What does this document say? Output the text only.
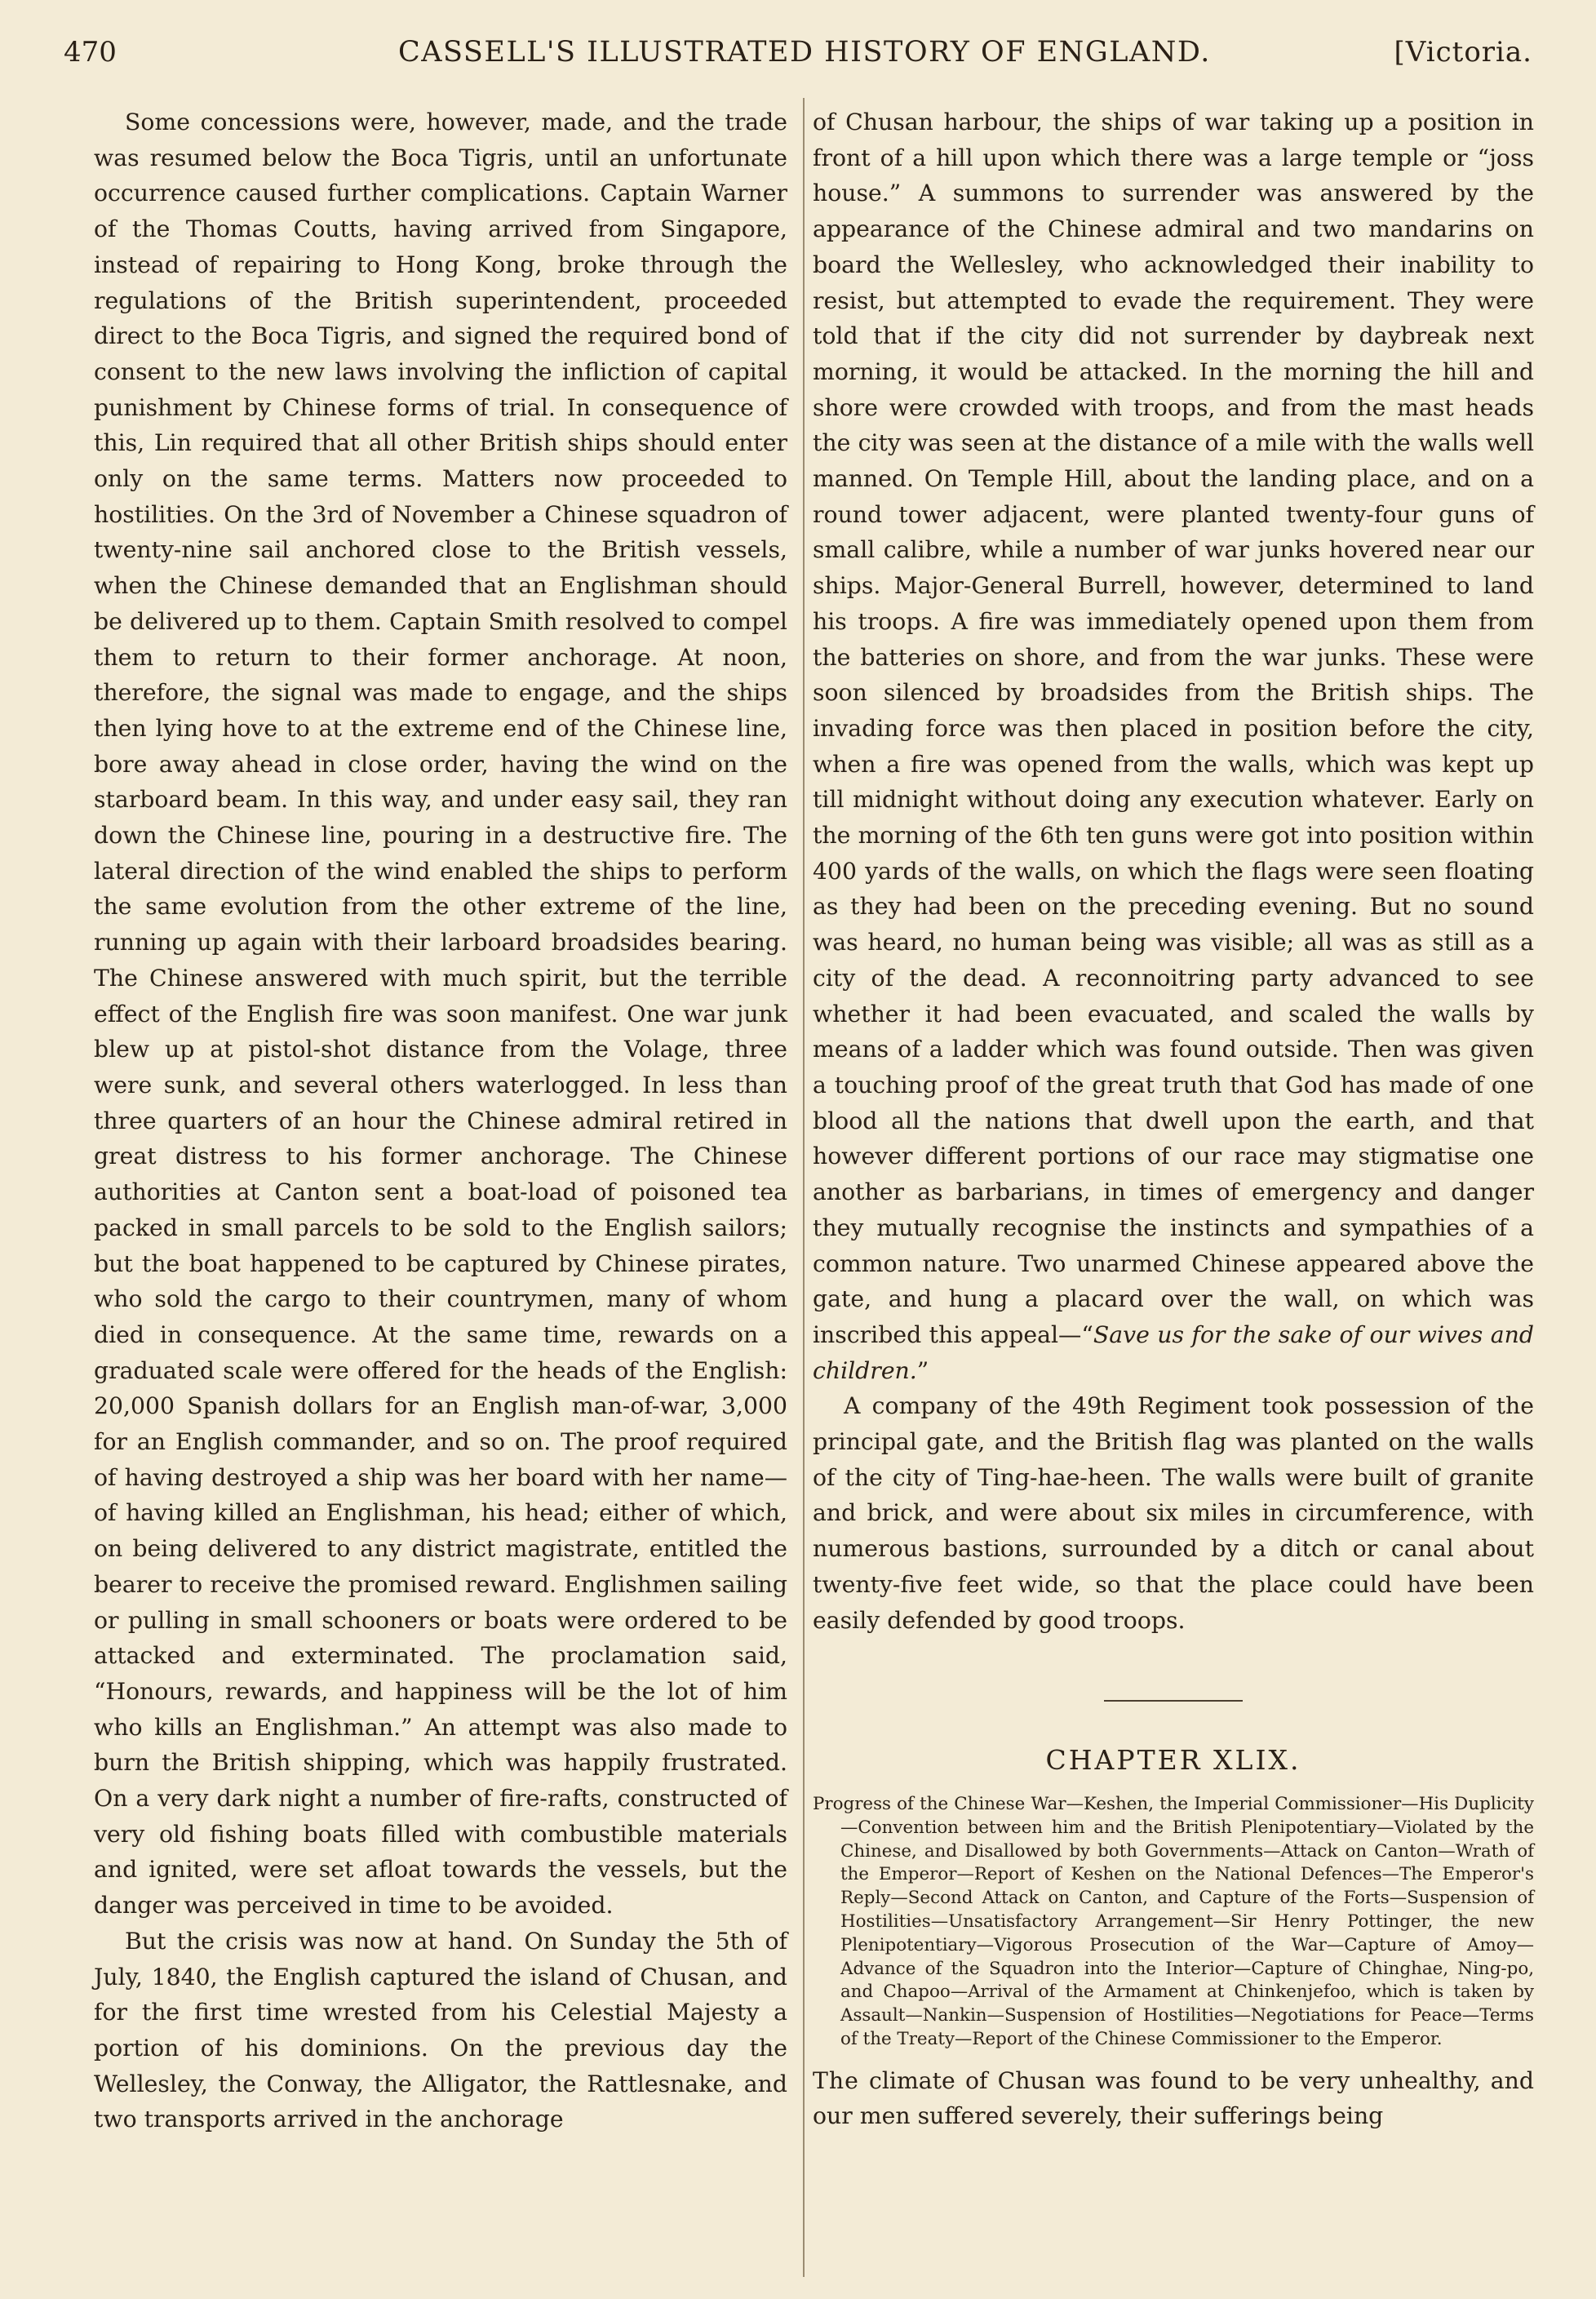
470	CASSELL'S ILLUSTRATED HISTORY OF ENGLAND.	[Victoria.

Some concessions were, however, made, and the trade was resumed below the Boca Tigris, until an unfortunate occurrence caused further complications. Captain Warner of the Thomas Coutts, having arrived from Singapore, instead of repairing to Hong Kong, broke through the regulations of the British superintendent, proceeded direct to the Boca Tigris, and signed the required bond of consent to the new laws involving the infliction of capital punishment by Chinese forms of trial. In consequence of this, Lin required that all other British ships should enter only on the same terms. Matters now proceeded to hostilities. On the 3rd of November a Chinese squadron of twenty-nine sail anchored close to the British vessels, when the Chinese demanded that an Englishman should be delivered up to them. Captain Smith resolved to compel them to return to their former anchorage. At noon, therefore, the signal was made to engage, and the ships then lying hove to at the extreme end of the Chinese line, bore away ahead in close order, having the wind on the starboard beam. In this way, and under easy sail, they ran down the Chinese line, pouring in a destructive fire. The lateral direction of the wind enabled the ships to perform the same evolution from the other extreme of the line, running up again with their larboard broadsides bearing. The Chinese answered with much spirit, but the terrible effect of the English fire was soon manifest. One war junk blew up at pistol-shot distance from the Volage, three were sunk, and several others waterlogged. In less than three quarters of an hour the Chinese admiral retired in great distress to his former anchorage. The Chinese authorities at Canton sent a boat-load of poisoned tea packed in small parcels to be sold to the English sailors; but the boat happened to be captured by Chinese pirates, who sold the cargo to their countrymen, many of whom died in consequence. At the same time, rewards on a graduated scale were offered for the heads of the English: 20,000 Spanish dollars for an English man-of-war, 3,000 for an English commander, and so on. The proof required of having destroyed a ship was her board with her name—of having killed an Englishman, his head; either of which, on being delivered to any district magistrate, entitled the bearer to receive the promised reward. Englishmen sailing or pulling in small schooners or boats were ordered to be attacked and exterminated. The proclamation said, “Honours, rewards, and happiness will be the lot of him who kills an Englishman.” An attempt was also made to burn the British shipping, which was happily frustrated. On a very dark night a number of fire-rafts, constructed of very old fishing boats filled with combustible materials and ignited, were set afloat towards the vessels, but the danger was perceived in time to be avoided.

But the crisis was now at hand. On Sunday the 5th of July, 1840, the English captured the island of Chusan, and for the first time wrested from his Celestial Majesty a portion of his dominions. On the previous day the Wellesley, the Conway, the Alligator, the Rattlesnake, and two transports arrived in the anchorage

of Chusan harbour, the ships of war taking up a position in front of a hill upon which there was a large temple or “joss house.” A summons to surrender was answered by the appearance of the Chinese admiral and two mandarins on board the Wellesley, who acknowledged their inability to resist, but attempted to evade the requirement. They were told that if the city did not surrender by daybreak next morning, it would be attacked. In the morning the hill and shore were crowded with troops, and from the mast heads the city was seen at the distance of a mile with the walls well manned. On Temple Hill, about the landing place, and on a round tower adjacent, were planted twenty-four guns of small calibre, while a number of war junks hovered near our ships. Major-General Burrell, however, determined to land his troops. A fire was immediately opened upon them from the batteries on shore, and from the war junks. These were soon silenced by broadsides from the British ships. The invading force was then placed in position before the city, when a fire was opened from the walls, which was kept up till midnight without doing any execution whatever. Early on the morning of the 6th ten guns were got into position within 400 yards of the walls, on which the flags were seen floating as they had been on the preceding evening. But no sound was heard, no human being was visible; all was as still as a city of the dead. A reconnoitring party advanced to see whether it had been evacuated, and scaled the walls by means of a ladder which was found outside. Then was given a touching proof of the great truth that God has made of one blood all the nations that dwell upon the earth, and that however different portions of our race may stigmatise one another as barbarians, in times of emergency and danger they mutually recognise the instincts and sympathies of a common nature. Two unarmed Chinese appeared above the gate, and hung a placard over the wall, on which was inscribed this appeal—“Save us for the sake of our wives and children.”

A company of the 49th Regiment took possession of the principal gate, and the British flag was planted on the walls of the city of Ting-hae-heen. The walls were built of granite and brick, and were about six miles in circumference, with numerous bastions, surrounded by a ditch or canal about twenty-five feet wide, so that the place could have been easily defended by good troops.

CHAPTER XLIX.
Progress of the Chinese War—Keshen, the Imperial Commissioner—His Duplicity—Convention between him and the British Plenipotentiary—Violated by the Chinese, and Disallowed by both Governments—Attack on Canton—Wrath of the Emperor—Report of Keshen on the National Defences—The Emperor's Reply—Second Attack on Canton, and Capture of the Forts—Suspension of Hostilities—Unsatisfactory Arrangement—Sir Henry Pottinger, the new Plenipotentiary—Vigorous Prosecution of the War—Capture of Amoy—Advance of the Squadron into the Interior—Capture of Chinghae, Ning-po, and Chapoo—Arrival of the Armament at Chinkenjefoo, which is taken by Assault—Nankin—Suspension of Hostilities—Negotiations for Peace—Terms of the Treaty—Report of the Chinese Commissioner to the Emperor.

The climate of Chusan was found to be very unhealthy, and our men suffered severely, their sufferings being
